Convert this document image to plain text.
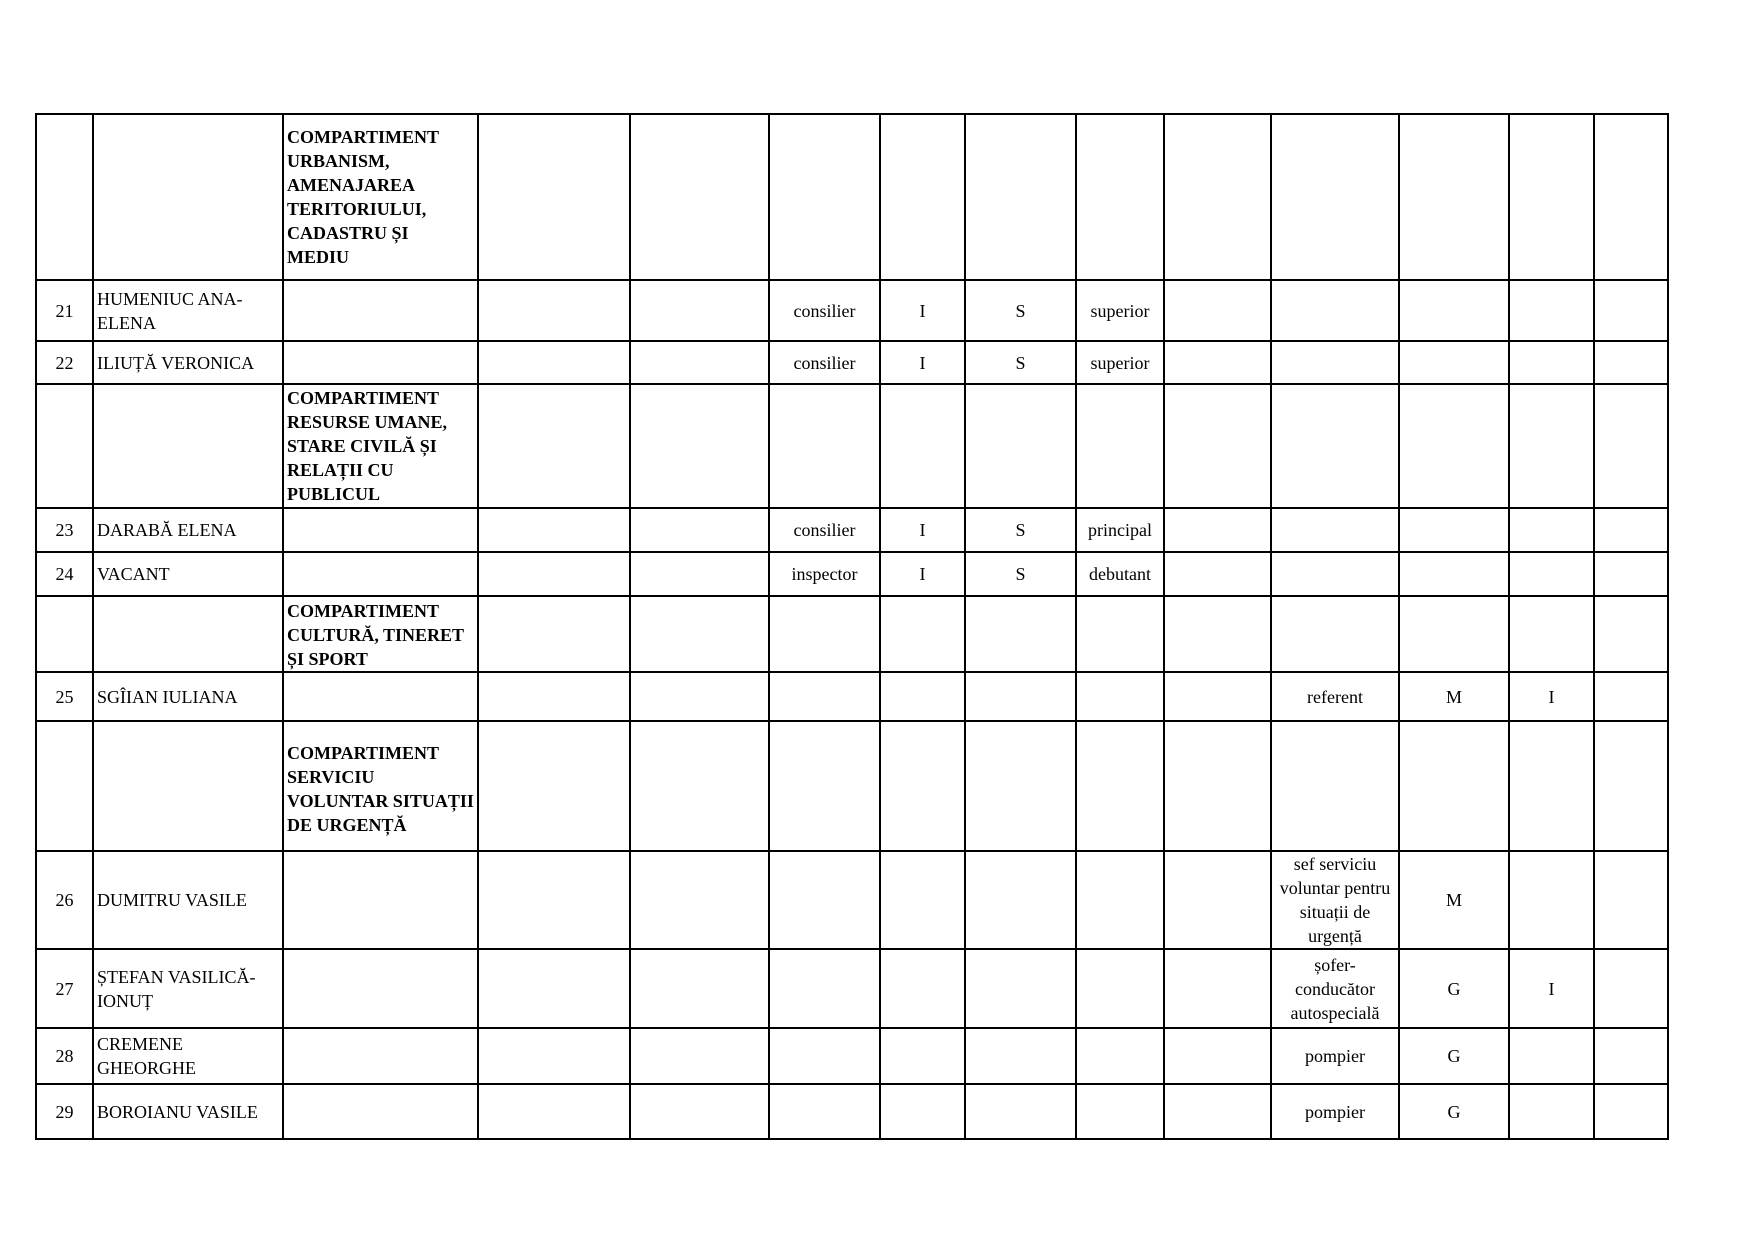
		COMPARTIMENT URBANISM, AMENAJAREA TERITORIULUI, CADASTRU ȘI MEDIU											
21	HUMENIUC ANA-ELENA				consilier	I	S	superior					
22	ILIUȚĂ VERONICA				consilier	I	S	superior					
		COMPARTIMENT RESURSE UMANE, STARE CIVILĂ ȘI RELAȚII CU PUBLICUL											
23	DARABĂ ELENA				consilier	I	S	principal					
24	VACANT				inspector	I	S	debutant					
		COMPARTIMENT CULTURĂ, TINERET ȘI SPORT											
25	SGÎIAN IULIANA									referent	M	I	
		COMPARTIMENT SERVICIU VOLUNTAR SITUAȚII DE URGENȚĂ											
26	DUMITRU VASILE									sef serviciu voluntar pentru situații de urgență	M		
27	ȘTEFAN VASILICĂ-IONUȚ									șofer-conducător autospecială	G	I	
28	CREMENE GHEORGHE									pompier	G		
29	BOROIANU VASILE									pompier	G		
